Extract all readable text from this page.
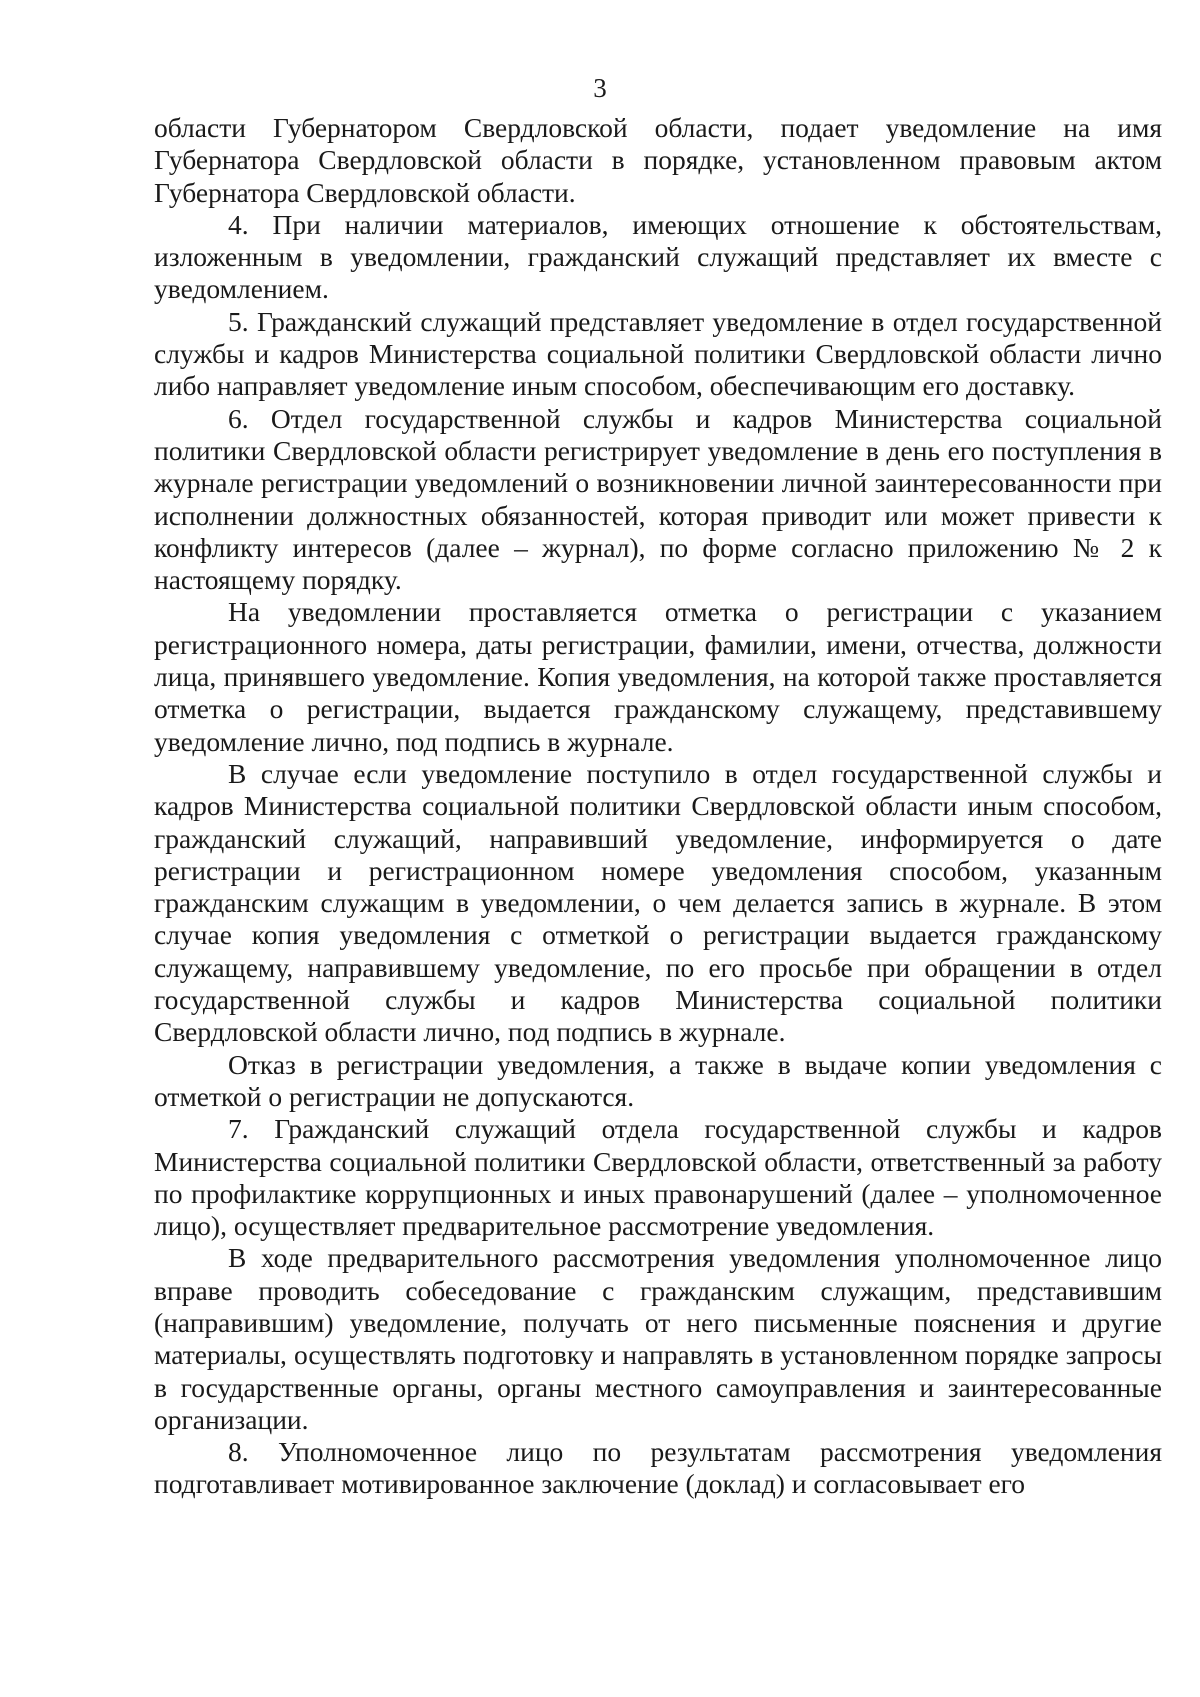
3

области Губернатором Свердловской области, подает уведомление на имя Губернатора Свердловской области в порядке, установленном правовым актом Губернатора Свердловской области.

4. При наличии материалов, имеющих отношение к обстоятельствам, изложенным в уведомлении, гражданский служащий представляет их вместе с уведомлением.

5. Гражданский служащий представляет уведомление в отдел государственной службы и кадров Министерства социальной политики Свердловской области лично либо направляет уведомление иным способом, обеспечивающим его доставку.

6. Отдел государственной службы и кадров Министерства социальной политики Свердловской области регистрирует уведомление в день его поступления в журнале регистрации уведомлений о возникновении личной заинтересованности при исполнении должностных обязанностей, которая приводит или может привести к конфликту интересов (далее – журнал), по форме согласно приложению № 2 к настоящему порядку.

На уведомлении проставляется отметка о регистрации с указанием регистрационного номера, даты регистрации, фамилии, имени, отчества, должности лица, принявшего уведомление. Копия уведомления, на которой также проставляется отметка о регистрации, выдается гражданскому служащему, представившему уведомление лично, под подпись в журнале.

В случае если уведомление поступило в отдел государственной службы и кадров Министерства социальной политики Свердловской области иным способом, гражданский служащий, направивший уведомление, информируется о дате регистрации и регистрационном номере уведомления способом, указанным гражданским служащим в уведомлении, о чем делается запись в журнале. В этом случае копия уведомления с отметкой о регистрации выдается гражданскому служащему, направившему уведомление, по его просьбе при обращении в отдел государственной службы и кадров Министерства социальной политики Свердловской области лично, под подпись в журнале.

Отказ в регистрации уведомления, а также в выдаче копии уведомления с отметкой о регистрации не допускаются.

7. Гражданский служащий отдела государственной службы и кадров Министерства социальной политики Свердловской области, ответственный за работу по профилактике коррупционных и иных правонарушений (далее – уполномоченное лицо), осуществляет предварительное рассмотрение уведомления.

В ходе предварительного рассмотрения уведомления уполномоченное лицо вправе проводить собеседование с гражданским служащим, представившим (направившим) уведомление, получать от него письменные пояснения и другие материалы, осуществлять подготовку и направлять в установленном порядке запросы в государственные органы, органы местного самоуправления и заинтересованные организации.

8. Уполномоченное лицо по результатам рассмотрения уведомления подготавливает мотивированное заключение (доклад) и согласовывает его
